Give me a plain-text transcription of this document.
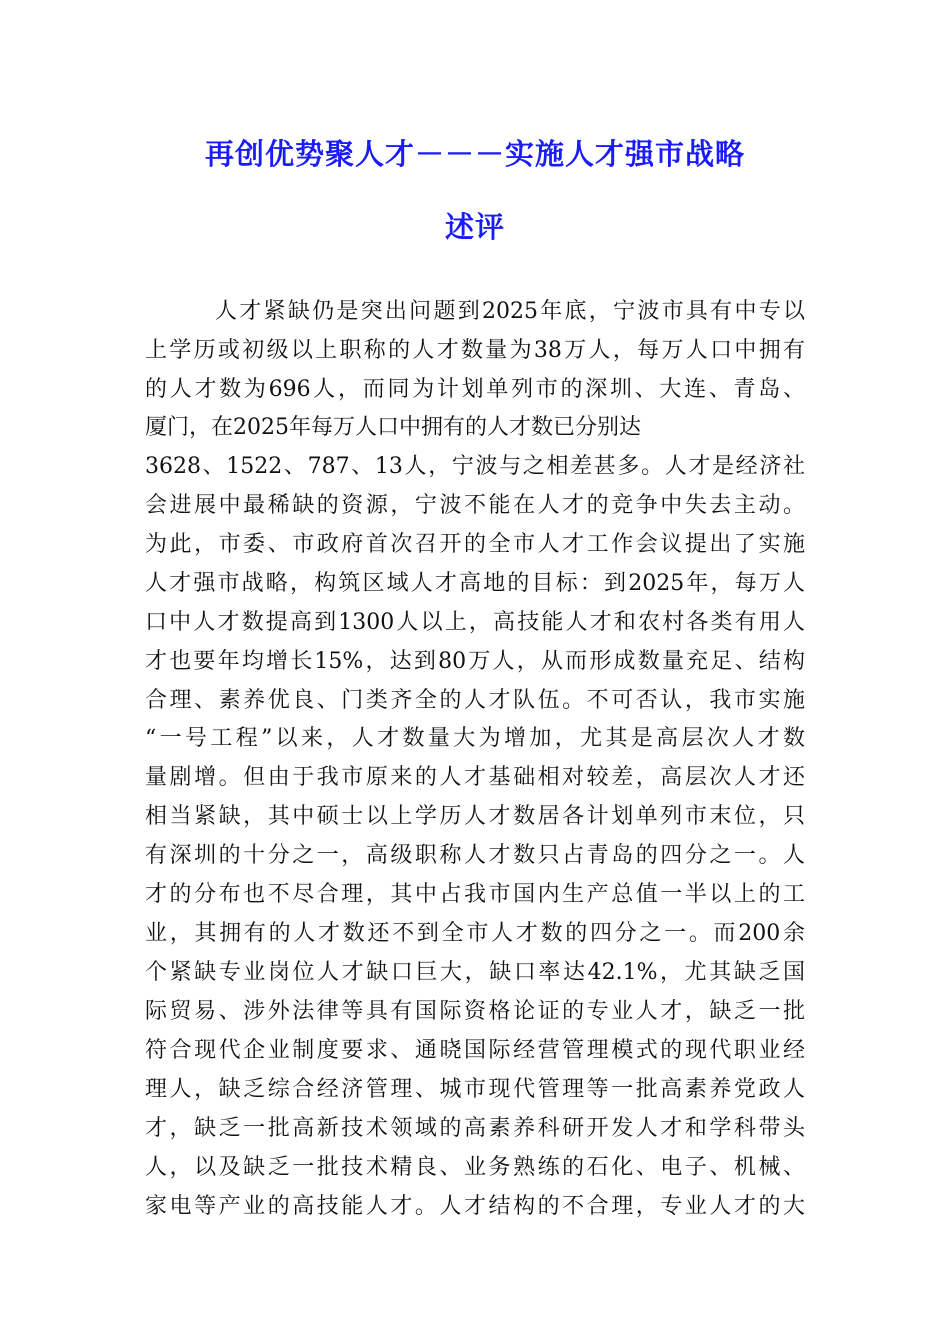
再创优势聚人才－－－实施人才强市战略
述评
人才紧缺仍是突出问题到2025年底，宁波市具有中专以
上学历或初级以上职称的人才数量为38万人，每万人口中拥有
的人才数为696人，而同为计划单列市的深圳、大连、青岛、
厦门，在2025年每万人口中拥有的人才数已分别达
3628、1522、787、13人，宁波与之相差甚多。人才是经济社
会进展中最稀缺的资源，宁波不能在人才的竞争中失去主动。
为此，市委、市政府首次召开的全市人才工作会议提出了实施
人才强市战略，构筑区域人才高地的目标：到2025年，每万人
口中人才数提高到1300人以上，高技能人才和农村各类有用人
才也要年均增长15%，达到80万人，从而形成数量充足、结构
合理、素养优良、门类齐全的人才队伍。不可否认，我市实施
“一号工程”以来，人才数量大为增加，尤其是高层次人才数
量剧增。但由于我市原来的人才基础相对较差，高层次人才还
相当紧缺，其中硕士以上学历人才数居各计划单列市末位，只
有深圳的十分之一，高级职称人才数只占青岛的四分之一。人
才的分布也不尽合理，其中占我市国内生产总值一半以上的工
业，其拥有的人才数还不到全市人才数的四分之一。而200余
个紧缺专业岗位人才缺口巨大，缺口率达42.1%，尤其缺乏国
际贸易、涉外法律等具有国际资格论证的专业人才，缺乏一批
符合现代企业制度要求、通晓国际经营管理模式的现代职业经
理人，缺乏综合经济管理、城市现代管理等一批高素养党政人
才，缺乏一批高新技术领域的高素养科研开发人才和学科带头
人，以及缺乏一批技术精良、业务熟练的石化、电子、机械、
家电等产业的高技能人才。人才结构的不合理，专业人才的大
